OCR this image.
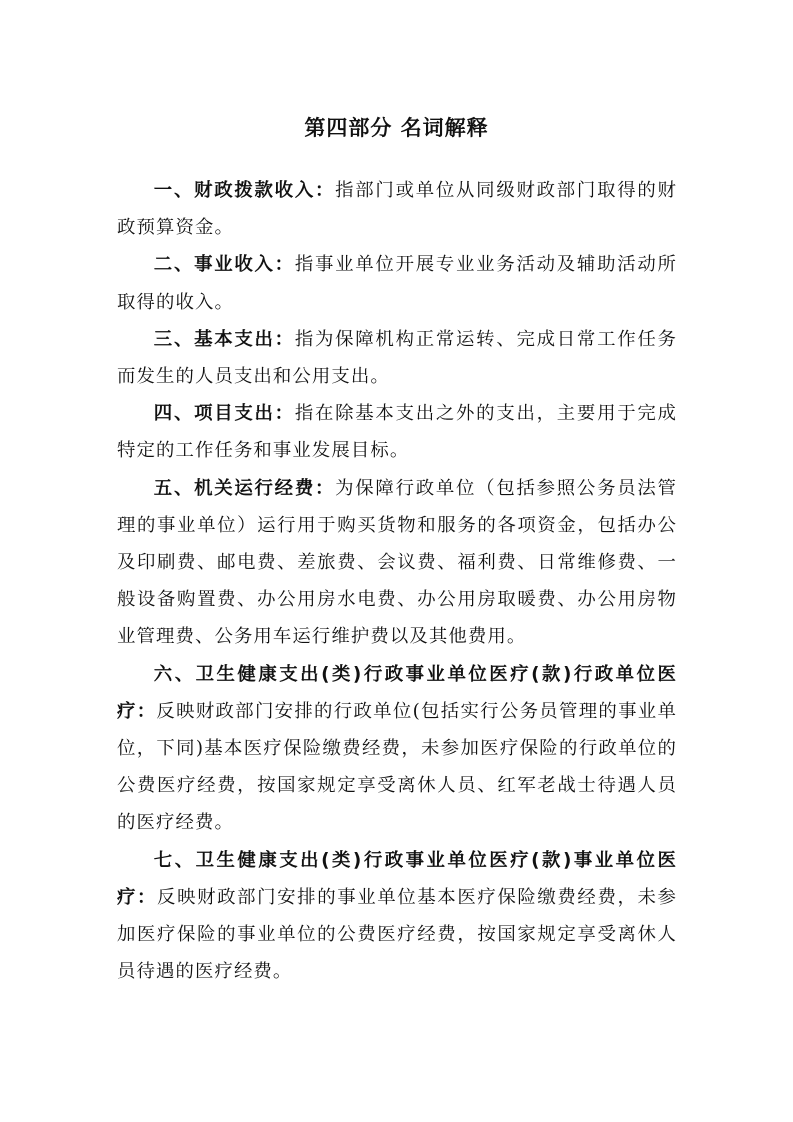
第四部分 名词解释

一、财政拨款收入：指部门或单位从同级财政部门取得的财政预算资金。

二、事业收入：指事业单位开展专业业务活动及辅助活动所取得的收入。

三、基本支出：指为保障机构正常运转、完成日常工作任务而发生的人员支出和公用支出。

四、项目支出：指在除基本支出之外的支出，主要用于完成特定的工作任务和事业发展目标。

五、机关运行经费：为保障行政单位（包括参照公务员法管理的事业单位）运行用于购买货物和服务的各项资金，包括办公及印刷费、邮电费、差旅费、会议费、福利费、日常维修费、一般设备购置费、办公用房水电费、办公用房取暖费、办公用房物业管理费、公务用车运行维护费以及其他费用。

六、卫生健康支出(类)行政事业单位医疗(款)行政单位医疗：反映财政部门安排的行政单位(包括实行公务员管理的事业单位，下同)基本医疗保险缴费经费，未参加医疗保险的行政单位的公费医疗经费，按国家规定享受离休人员、红军老战士待遇人员的医疗经费。

七、卫生健康支出(类)行政事业单位医疗(款)事业单位医疗：反映财政部门安排的事业单位基本医疗保险缴费经费，未参加医疗保险的事业单位的公费医疗经费，按国家规定享受离休人员待遇的医疗经费。
